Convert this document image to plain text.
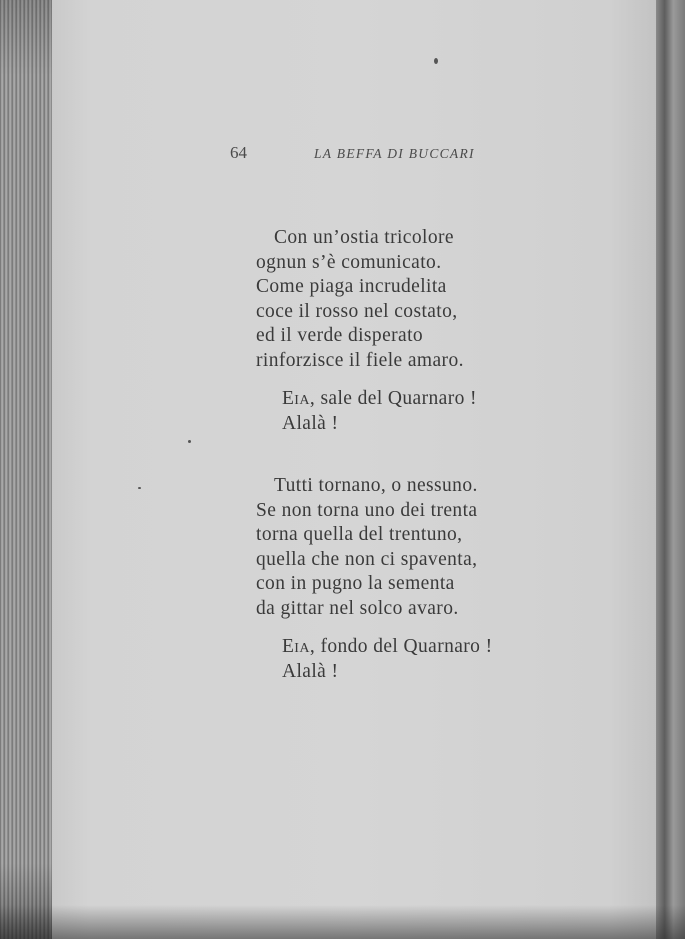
64	LA BEFFA DI BUCCARI
Con un’ostia tricolore
ognun s’è comunicato.
Come piaga incrudelita
coce il rosso nel costato,
ed il verde disperato
rinforzisce il fiele amaro.
Eia, sale del Quarnaro !
Alalà !
Tutti tornano, o nessuno.
Se non torna uno dei trenta
torna quella del trentuno,
quella che non ci spaventa,
con in pugno la sementa
da gittar nel solco avaro.
Eia, fondo del Quarnaro !
Alalà !
